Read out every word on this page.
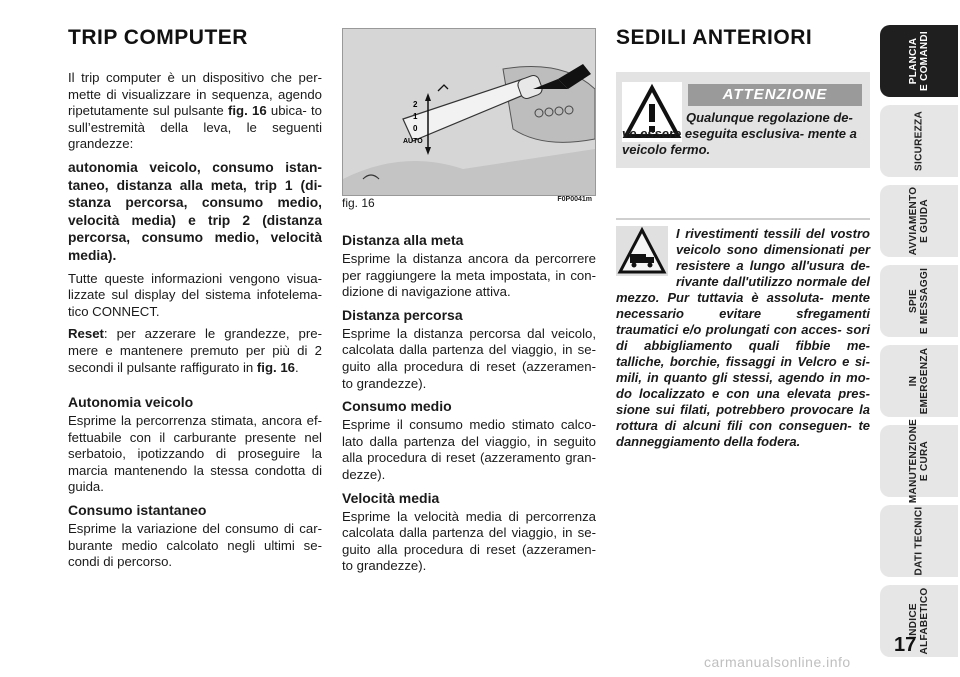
TRIP COMPUTER

Il trip computer è un dispositivo che per- mette di visualizzare in sequenza, agendo ripetutamente sul pulsante fig. 16 ubica- to sull’estremità della leva, le seguenti grandezze:

autonomia veicolo, consumo istan- taneo, distanza alla meta, trip 1 (di- stanza percorsa, consumo medio, velocità media) e trip 2 (distanza percorsa, consumo medio, velocità media).

Tutte queste informazioni vengono visua- lizzate sul display del sistema infotelema- tico CONNECT.

Reset: per azzerare le grandezze, pre- mere e mantenere premuto per più di 2 secondi il pulsante raffigurato in fig. 16.

Autonomia veicolo

Esprime la percorrenza stimata, ancora ef- fettuabile con il carburante presente nel serbatoio, ipotizzando di proseguire la marcia mantenendo la stessa condotta di guida.

Consumo istantaneo

Esprime la variazione del consumo di car- burante medio calcolato negli ultimi se- condi di percorso.

2
1
0
AUTO
fig. 16	F0P0041m
Distanza alla meta

Esprime la distanza ancora da percorrere per raggiungere la meta impostata, in con- dizione di navigazione attiva.

Distanza percorsa

Esprime la distanza percorsa dal veicolo, calcolata dalla partenza del viaggio, in se- guito alla procedura di reset (azzeramen- to grandezze).

Consumo medio

Esprime il consumo medio stimato calco- lato dalla partenza del viaggio, in seguito alla procedura di reset (azzeramento gran- dezze).

Velocità media

Esprime la velocità media di percorrenza calcolata dalla partenza del viaggio, in se- guito alla procedura di reset (azzeramen- to grandezze).

SEDILI ANTERIORI
ATTENZIONE
Qualunque regolazione de- ve essere eseguita esclusiva- mente a veicolo fermo.
I rivestimenti tessili del vostro veicolo sono dimensionati per resistere a lungo all'usura de- rivante dall'utilizzo normale del mezzo. Pur tuttavia è assoluta- mente necessario evitare sfregamenti traumatici e/o prolungati con acces- sori di abbigliamento quali fibbie me- talliche, borchie, fissaggi in Velcro e si- mili, in quanto gli stessi, agendo in mo- do localizzato e con una elevata pres- sione sui filati, potrebbero provocare la rottura di alcuni fili con conseguen- te danneggiamento della fodera.
PLANCIA
E COMANDI
SICUREZZA
AVVIAMENTO
E GUIDA
SPIE
E MESSAGGI
IN
EMERGENZA
MANUTENZIONE
E CURA
DATI TECNICI
INDICE
ALFABETICO
17
carmanualsonline.info
